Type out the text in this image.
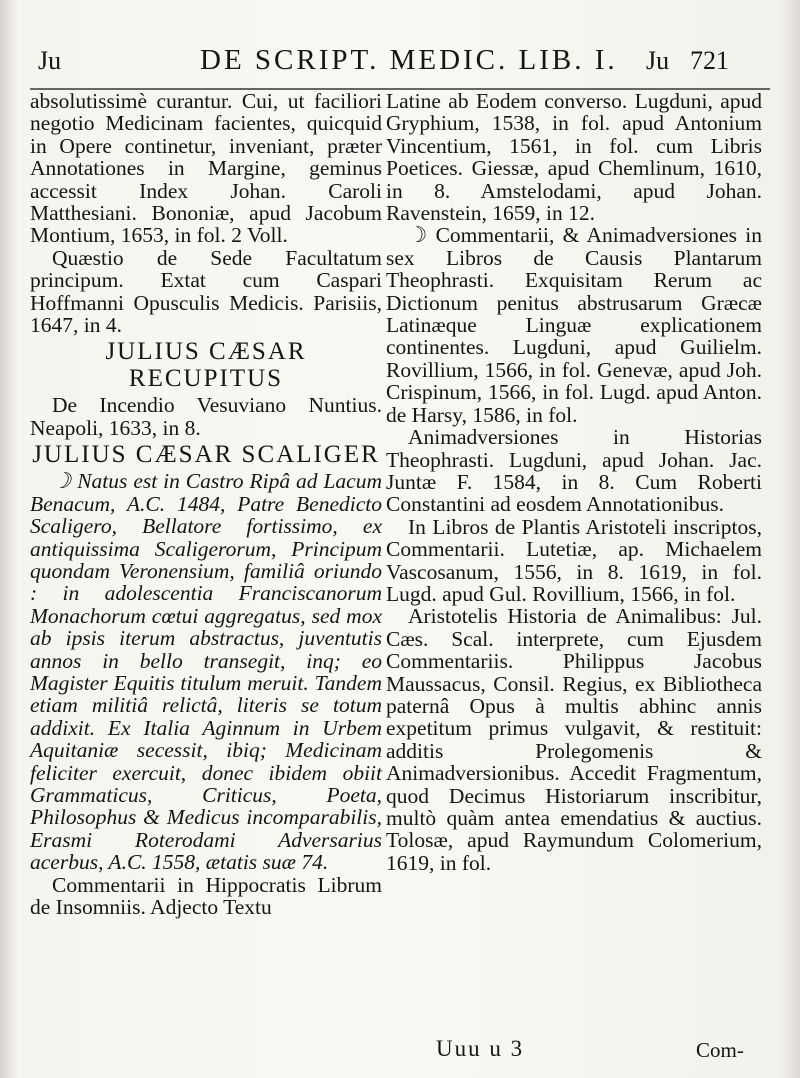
Ju	DE SCRIPT. MEDIC. LIB. I. Ju 721

absolutissimè curantur. Cui, ut faciliori negotio Medicinam facientes, quicquid in Opere continetur, inveniant, præter Annotationes in Margine, geminus accessit Index Johan. Caroli Matthesiani. Bononiæ, apud Jacobum Montium, 1653, in fol. 2 Voll.

Quæstio de Sede Facultatum principum. Extat cum Caspari Hoffmanni Opusculis Medicis. Parisiis, 1647, in 4.

JULIUS CÆSAR RECUPITUS

De Incendio Vesuviano Nuntius. Neapoli, 1633, in 8.

JULIUS CÆSAR SCALIGER

☽ Natus est in Castro Ripâ ad Lacum Benacum, A.C. 1484, Patre Benedicto Scaligero, Bellatore fortissimo, ex antiquissima Scaligerorum, Principum quondam Veronensium, familiâ oriundo : in adolescentia Franciscanorum Monachorum cœtui aggregatus, sed mox ab ipsis iterum abstractus, juventutis annos in bello transegit, inq; eo Magister Equitis titulum meruit. Tandem etiam militiâ relictâ, literis se totum addixit. Ex Italia Aginnum in Urbem Aquitaniæ secessit, ibiq; Medicinam feliciter exercuit, donec ibidem obiit Grammaticus, Criticus, Poeta, Philosophus & Medicus incomparabilis, Erasmi Roterodami Adversarius acerbus, A.C. 1558, ætatis suæ 74.

Commentarii in Hippocratis Librum de Insomniis. Adjecto Textu

Latine ab Eodem converso. Lugduni, apud Gryphium, 1538, in fol. apud Antonium Vincentium, 1561, in fol. cum Libris Poetices. Giessæ, apud Chemlinum, 1610, in 8. Amstelodami, apud Johan. Ravenstein, 1659, in 12.

☽ Commentarii, & Animadversiones in sex Libros de Causis Plantarum Theophrasti. Exquisitam Rerum ac Dictionum penitus abstrusarum Græcæ Latinæque Linguæ explicationem continentes. Lugduni, apud Guilielm. Rovillium, 1566, in fol. Genevæ, apud Joh. Crispinum, 1566, in fol. Lugd. apud Anton. de Harsy, 1586, in fol.

Animadversiones in Historias Theophrasti. Lugduni, apud Johan. Jac. Juntæ F. 1584, in 8. Cum Roberti Constantini ad eosdem Annotationibus.

In Libros de Plantis Aristoteli inscriptos, Commentarii. Lutetiæ, ap. Michaelem Vascosanum, 1556, in 8. 1619, in fol. Lugd. apud Gul. Rovillium, 1566, in fol.

Aristotelis Historia de Animalibus: Jul. Cæs. Scal. interprete, cum Ejusdem Commentariis. Philippus Jacobus Maussacus, Consil. Regius, ex Bibliotheca paternâ Opus à multis abhinc annis expetitum primus vulgavit, & restituit: additis Prolegomenis & Animadversionibus. Accedit Fragmentum, quod Decimus Historiarum inscribitur, multò quàm antea emendatius & auctius. Tolosæ, apud Raymundum Colomerium, 1619, in fol.

Uuu u 3	Com-
